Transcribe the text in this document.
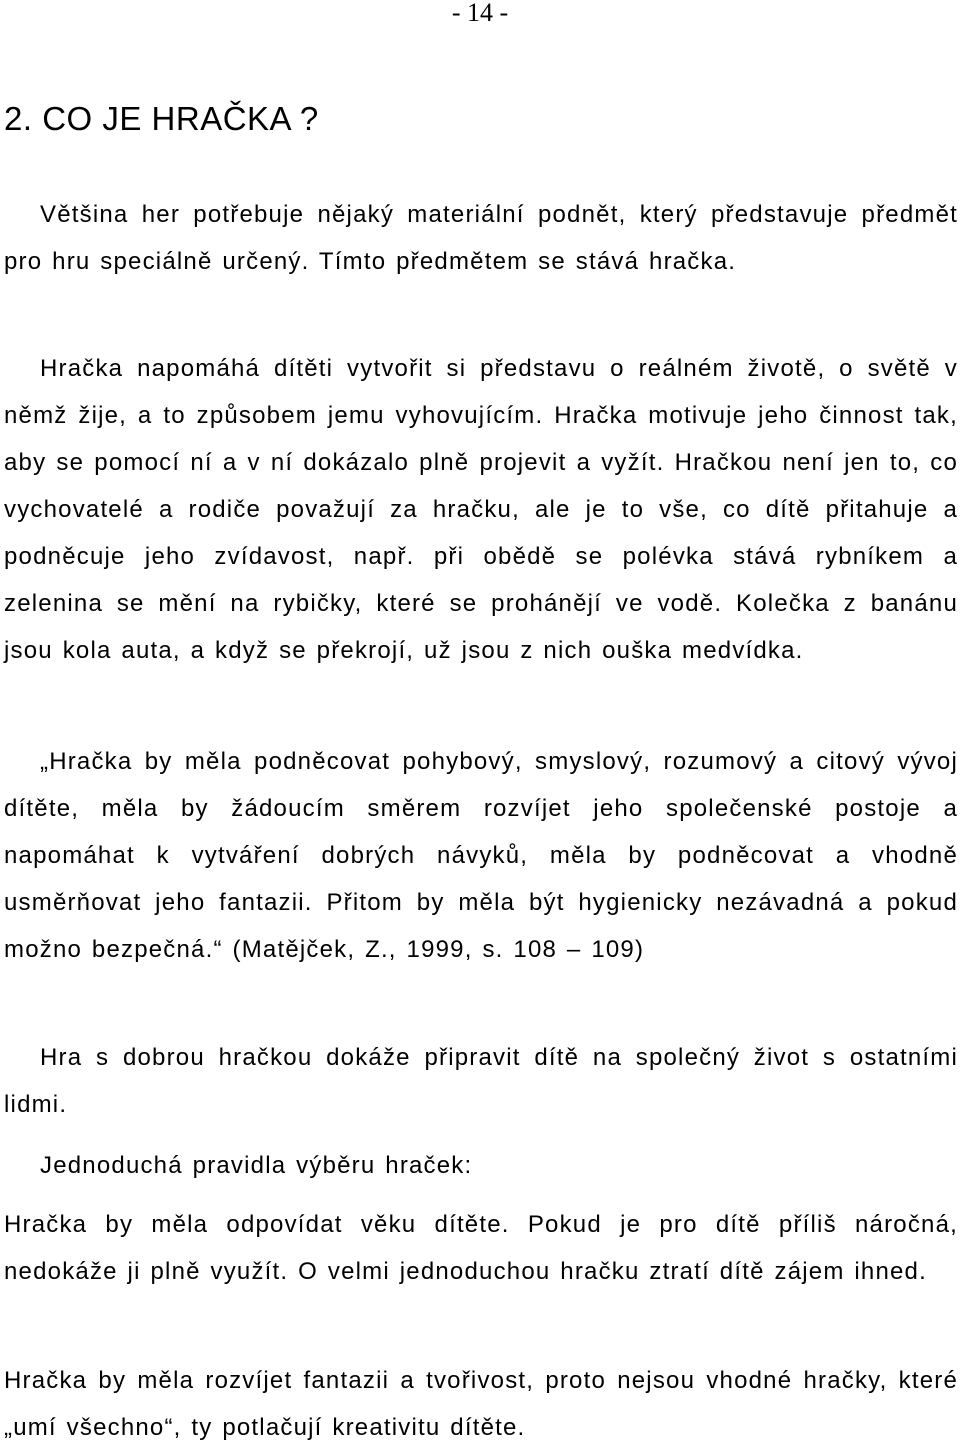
- 14 -
2. CO JE HRAČKA ?

Většina her potřebuje nějaký materiální podnět, který představuje předmět pro hru speciálně určený. Tímto předmětem se stává hračka.

Hračka napomáhá dítěti vytvořit si představu o reálném životě, o světě v němž žije, a to způsobem jemu vyhovujícím. Hračka motivuje jeho činnost tak, aby se pomocí ní a v ní dokázalo plně projevit a vyžít. Hračkou není jen to, co vychovatelé a rodiče považují za hračku, ale je to vše, co dítě přitahuje a podněcuje jeho zvídavost, např. při obědě se polévka stává rybníkem a zelenina se mění na rybičky, které se prohánějí ve vodě. Kolečka z banánu jsou kola auta, a když se překrojí, už jsou z nich ouška medvídka.

„Hračka by měla podněcovat pohybový, smyslový, rozumový a citový vývoj dítěte, měla by žádoucím směrem rozvíjet jeho společenské postoje a napomáhat k vytváření dobrých návyků, měla by podněcovat a vhodně usměrňovat jeho fantazii. Přitom by měla být hygienicky nezávadná a pokud možno bezpečná.“ (Matějček, Z., 1999, s. 108 – 109)

Hra s dobrou hračkou dokáže připravit dítě na společný život s ostatními lidmi.

Jednoduchá pravidla výběru hraček:

Hračka by měla odpovídat věku dítěte. Pokud je pro dítě příliš náročná, nedokáže ji plně využít. O velmi jednoduchou hračku ztratí dítě zájem ihned.

Hračka by měla rozvíjet fantazii a tvořivost, proto nejsou vhodné hračky, které „umí všechno“, ty potlačují kreativitu dítěte.
